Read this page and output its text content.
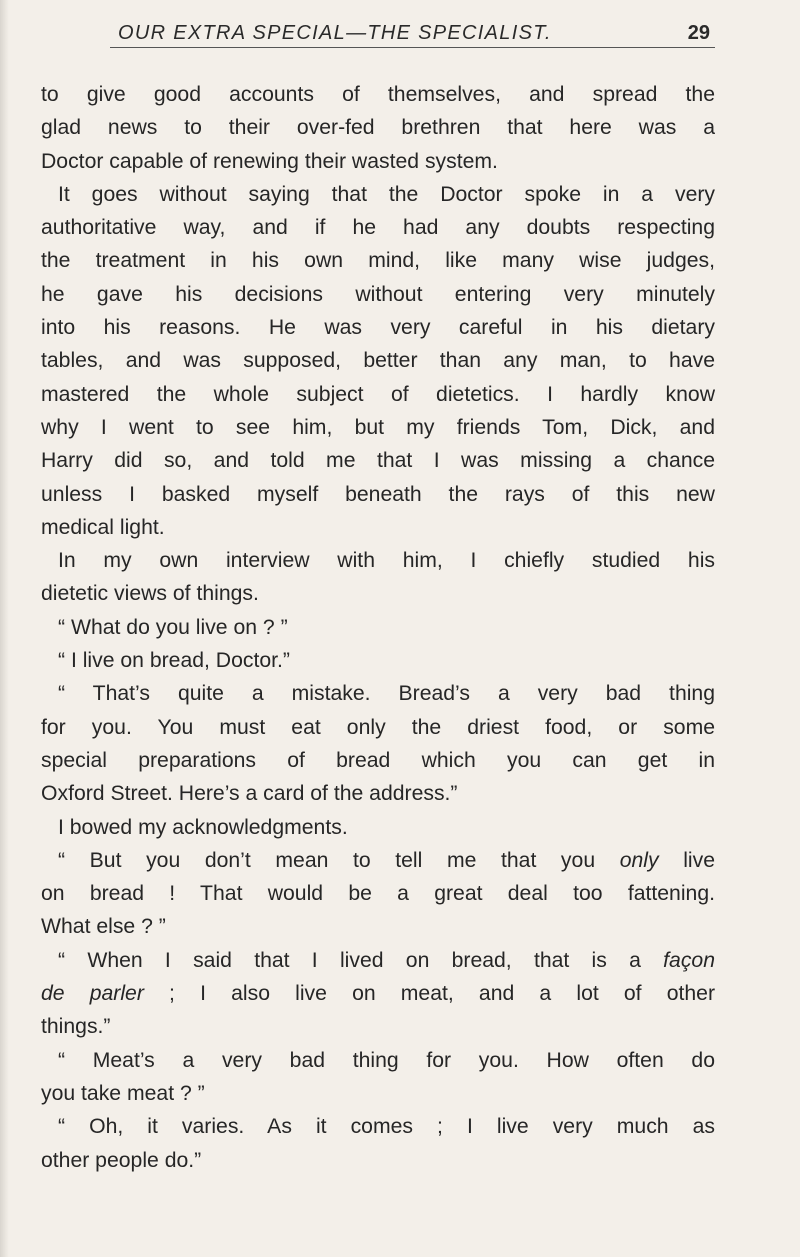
OUR EXTRA SPECIAL—THE SPECIALIST.	29
to give good accounts of themselves, and spread the
glad news to their over-fed brethren that here was a
Doctor capable of renewing their wasted system.
It goes without saying that the Doctor spoke in a very
authoritative way, and if he had any doubts respecting
the treatment in his own mind, like many wise judges,
he gave his decisions without entering very minutely
into his reasons. He was very careful in his dietary
tables, and was supposed, better than any man, to have
mastered the whole subject of dietetics. I hardly know
why I went to see him, but my friends Tom, Dick, and
Harry did so, and told me that I was missing a chance
unless I basked myself beneath the rays of this new
medical light.
In my own interview with him, I chiefly studied his
dietetic views of things.
“ What do you live on ? ”
“ I live on bread, Doctor.”
“ That’s quite a mistake. Bread’s a very bad thing
for you. You must eat only the driest food, or some
special preparations of bread which you can get in
Oxford Street. Here’s a card of the address.”
I bowed my acknowledgments.
“ But you don’t mean to tell me that you only live
on bread ! That would be a great deal too fattening.
What else ? ”
“ When I said that I lived on bread, that is a façon
de parler ; I also live on meat, and a lot of other
things.”
“ Meat’s a very bad thing for you. How often do
you take meat ? ”
“ Oh, it varies. As it comes ; I live very much as
other people do.”
